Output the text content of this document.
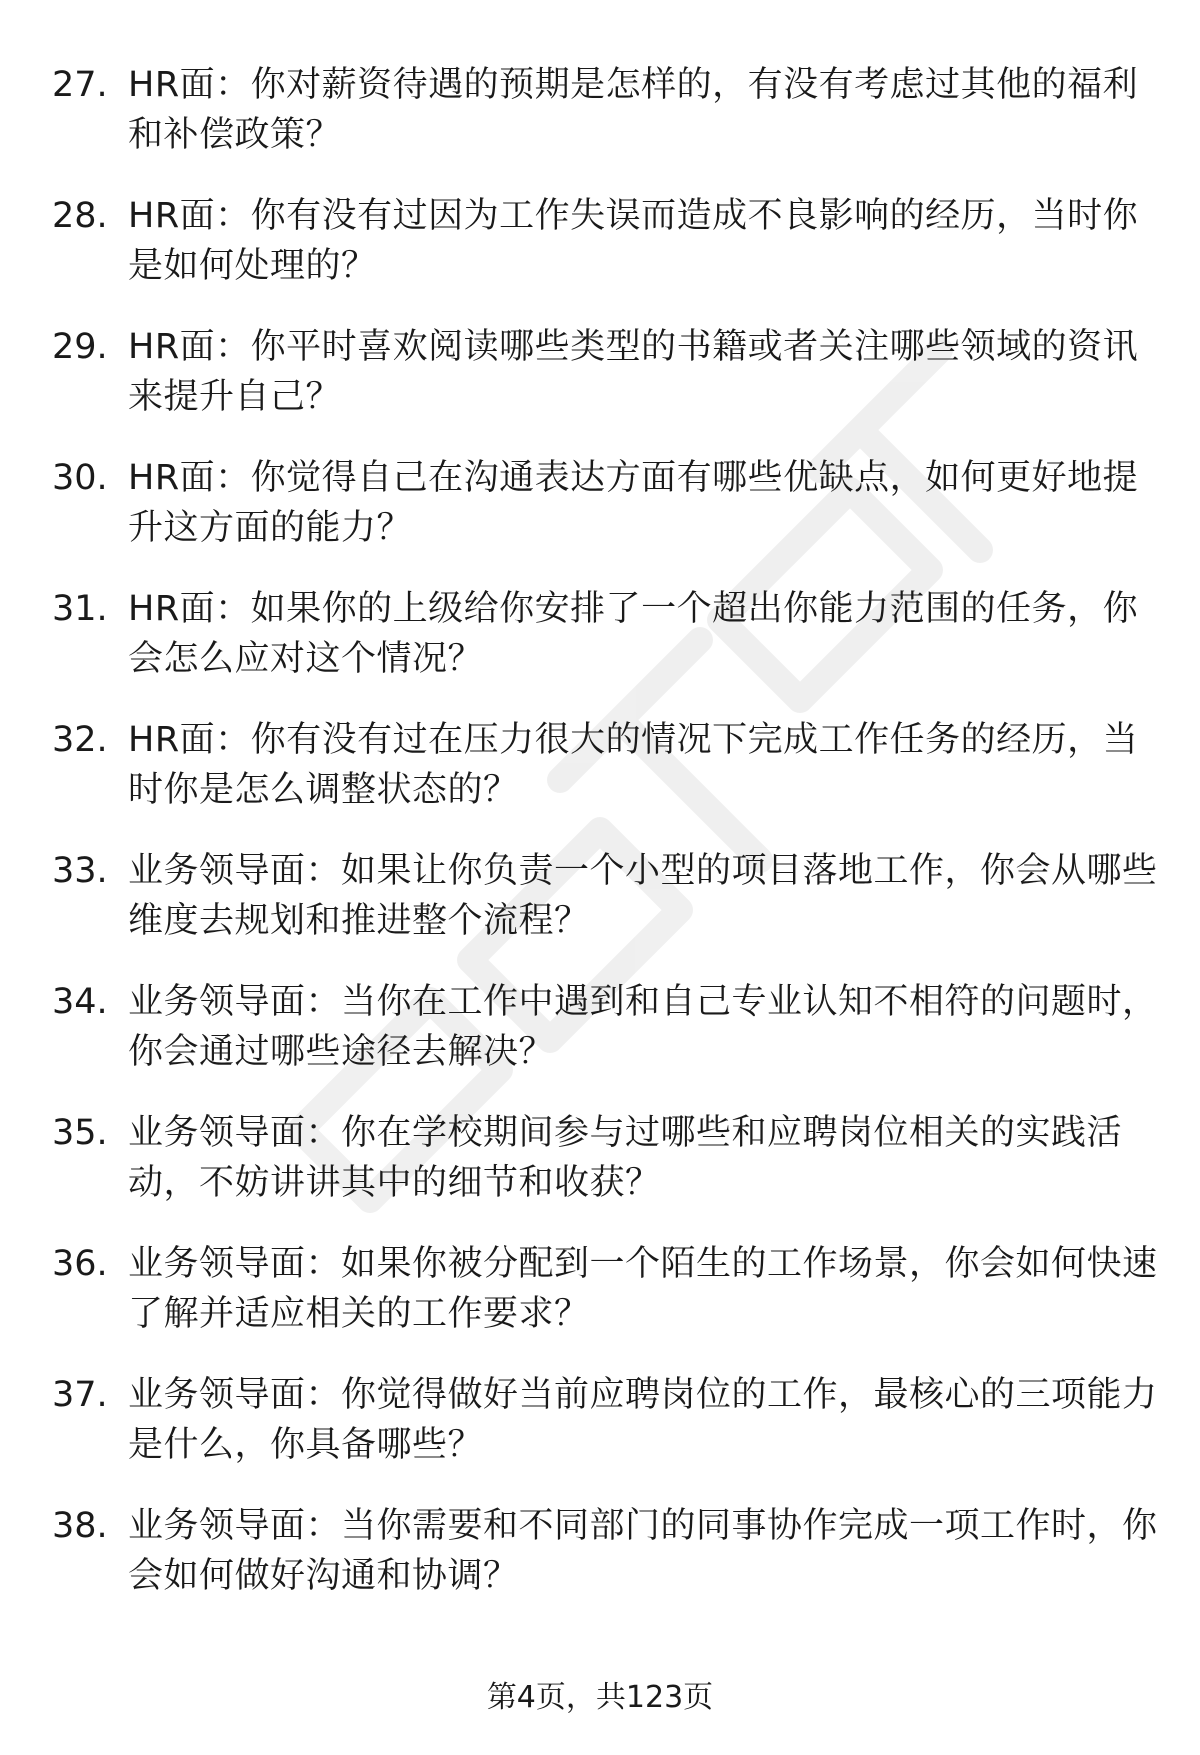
27. HR面：你对薪资待遇的预期是怎样的，有没有考虑过其他的福利和补偿政策？
28. HR面：你有没有过因为工作失误而造成不良影响的经历，当时你是如何处理的？
29. HR面：你平时喜欢阅读哪些类型的书籍或者关注哪些领域的资讯来提升自己？
30. HR面：你觉得自己在沟通表达方面有哪些优缺点，如何更好地提升这方面的能力？
31. HR面：如果你的上级给你安排了一个超出你能力范围的任务，你会怎么应对这个情况？
32. HR面：你有没有过在压力很大的情况下完成工作任务的经历，当时你是怎么调整状态的？
33. 业务领导面：如果让你负责一个小型的项目落地工作，你会从哪些维度去规划和推进整个流程？
34. 业务领导面：当你在工作中遇到和自己专业认知不相符的问题时，你会通过哪些途径去解决？
35. 业务领导面：你在学校期间参与过哪些和应聘岗位相关的实践活动，不妨讲讲其中的细节和收获？
36. 业务领导面：如果你被分配到一个陌生的工作场景，你会如何快速了解并适应相关的工作要求？
37. 业务领导面：你觉得做好当前应聘岗位的工作，最核心的三项能力是什么，你具备哪些？
38. 业务领导面：当你需要和不同部门的同事协作完成一项工作时，你会如何做好沟通和协调？
第4页，共123页
